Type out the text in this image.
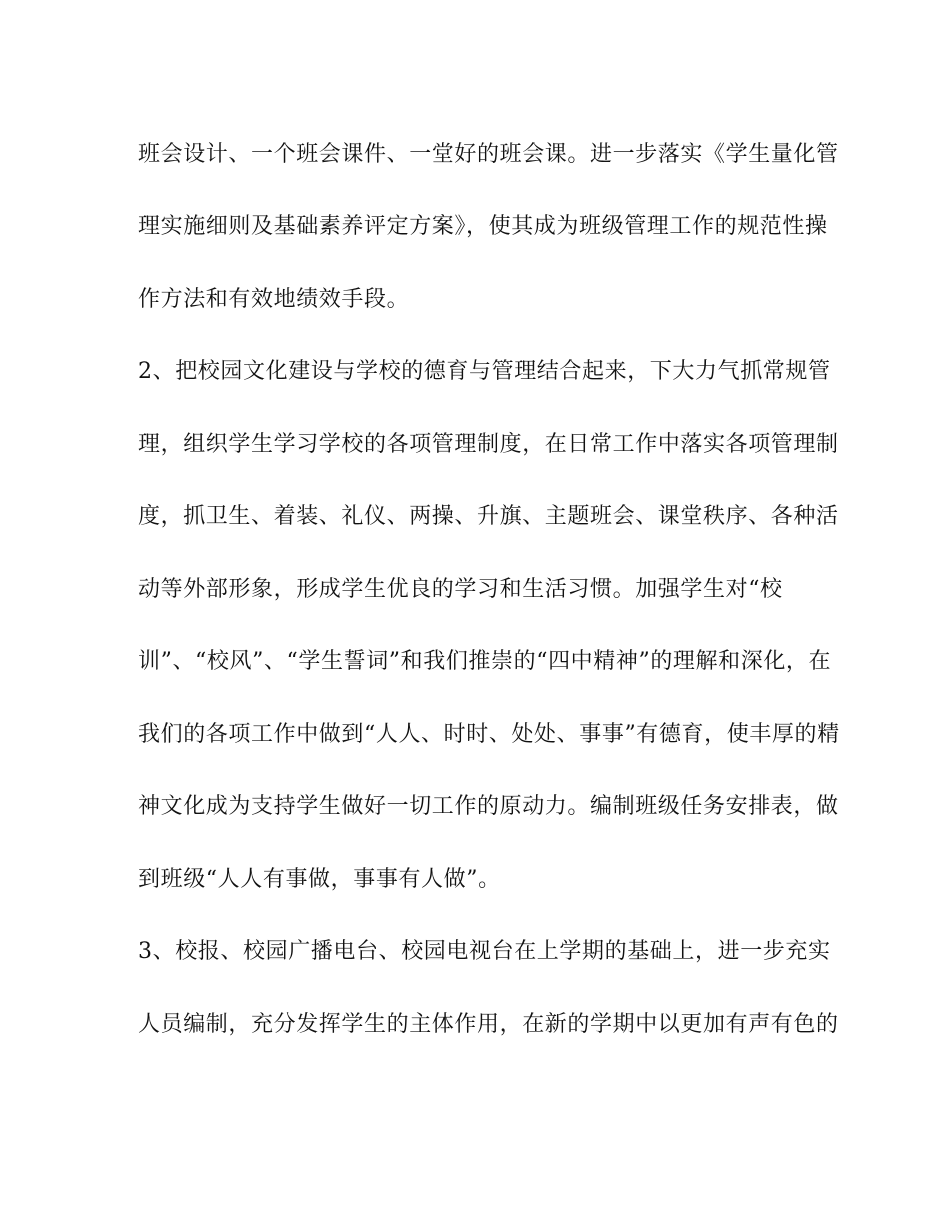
班会设计、一个班会课件、一堂好的班会课。进一步落实《学生量化管
理实施细则及基础素养评定方案》，使其成为班级管理工作的规范性操
作方法和有效地绩效手段。
2、把校园文化建设与学校的德育与管理结合起来，下大力气抓常规管
理，组织学生学习学校的各项管理制度，在日常工作中落实各项管理制
度，抓卫生、着装、礼仪、两操、升旗、主题班会、课堂秩序、各种活
动等外部形象，形成学生优良的学习和生活习惯。加强学生对“校
训”、“校风”、“学生誓词”和我们推崇的“四中精神”的理解和深化，在
我们的各项工作中做到“人人、时时、处处、事事”有德育，使丰厚的精
神文化成为支持学生做好一切工作的原动力。编制班级任务安排表，做
到班级“人人有事做，事事有人做”。
3、校报、校园广播电台、校园电视台在上学期的基础上，进一步充实
人员编制，充分发挥学生的主体作用，在新的学期中以更加有声有色的
